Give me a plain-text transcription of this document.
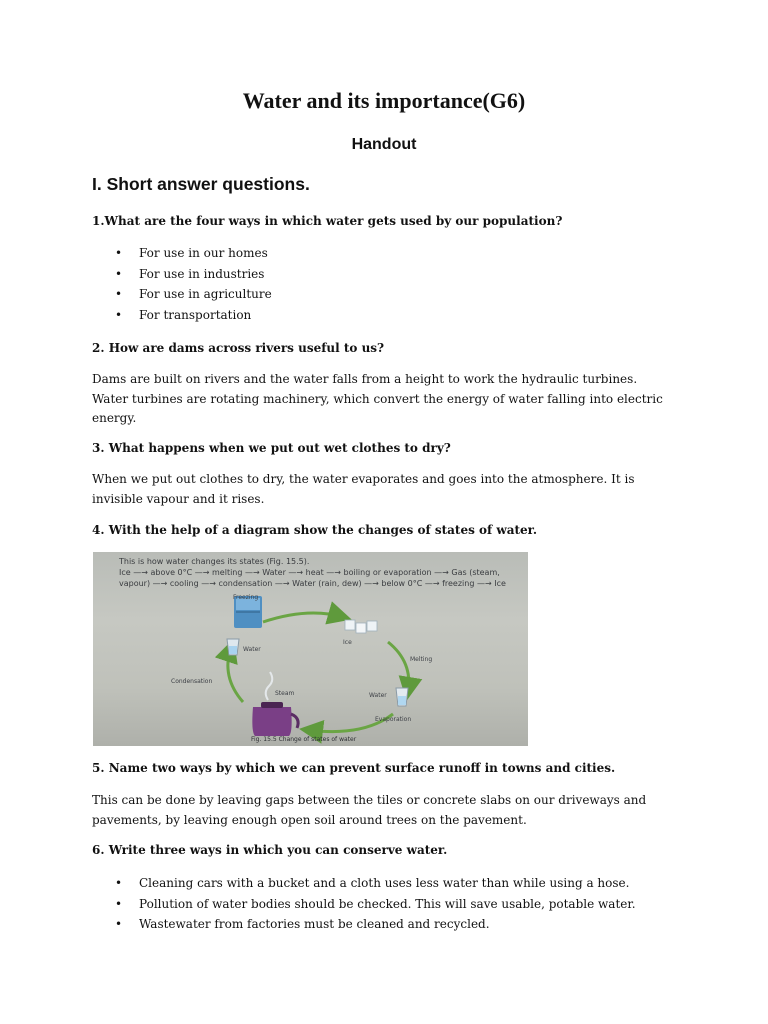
Water and its importance(G6)
Handout
I. Short answer questions.

1.What are the four ways in which water gets used by our population?

• For use in our homes
• For use in industries
• For use in agriculture
• For transportation

2. How are dams across rivers useful to us?

Dams are built on rivers and the water falls from a height to work the hydraulic turbines.
Water turbines are rotating machinery, which convert the energy of water falling into electric
energy.

3. What happens when we put out wet clothes to dry?

When we put out clothes to dry, the water evaporates and goes into the atmosphere. It is
invisible vapour and it rises.

4. With the help of a diagram show the changes of states of water.

This is how water changes its states (Fig. 15.5).
Ice —→ above 0°C —→ melting —→ Water —→ heat —→ boiling or evaporation —→ Gas (steam,
vapour) —→ cooling —→ condensation —→ Water (rain, dew) —→ below 0°C —→ freezing —→ Ice
Freezing
Ice
Water
Melting
Condensation
Water
Steam
Evaporation
Fig. 15.5 Change of states of water

5. Name two ways by which we can prevent surface runoff in towns and cities.

This can be done by leaving gaps between the tiles or concrete slabs on our driveways and
pavements, by leaving enough open soil around trees on the pavement.

6. Write three ways in which you can conserve water.

• Cleaning cars with a bucket and a cloth uses less water than while using a hose.
• Pollution of water bodies should be checked. This will save usable, potable water.
• Wastewater from factories must be cleaned and recycled.
